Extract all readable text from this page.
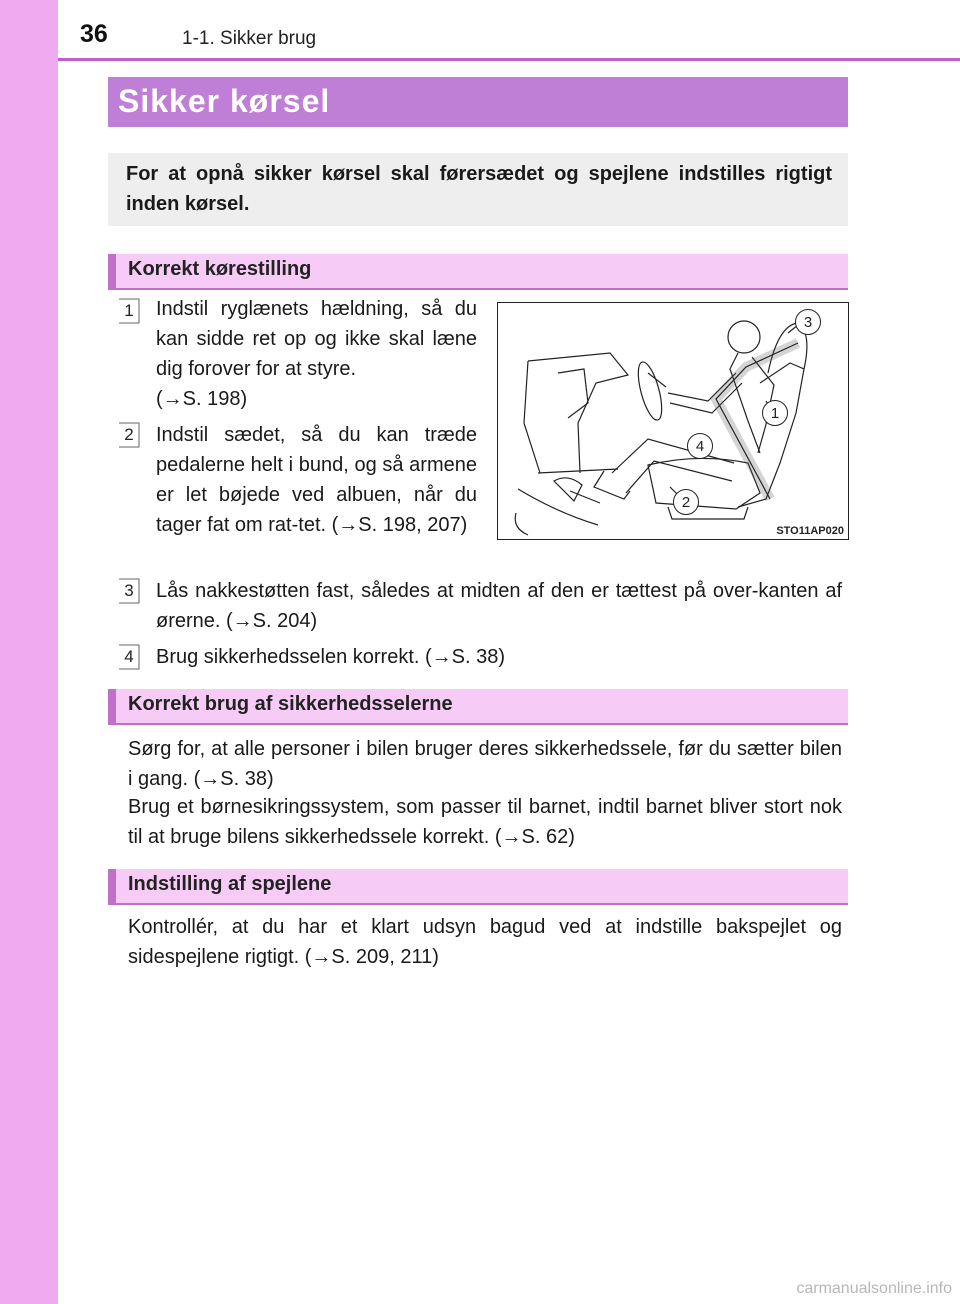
36	1-1. Sikker brug
Sikker kørsel
For at opnå sikker kørsel skal førersædet og spejlene indstilles rigtigt inden kørsel.
Korrekt kørestilling
1 Indstil ryglænets hældning, så du kan sidde ret op og ikke skal læne dig forover for at styre.
(→S. 198)
2 Indstil sædet, så du kan træde pedalerne helt i bund, og så armene er let bøjede ved albuen, når du tager fat om rat-tet. (→S. 198, 207)
3
1
4
2
STO11AP020
3 Lås nakkestøtten fast, således at midten af den er tættest på over-kanten af ørerne. (→S. 204)
4 Brug sikkerhedsselen korrekt. (→S. 38)
Korrekt brug af sikkerhedsselerne
Sørg for, at alle personer i bilen bruger deres sikkerhedssele, før du sætter bilen i gang. (→S. 38)
Brug et børnesikringssystem, som passer til barnet, indtil barnet bliver stort nok til at bruge bilens sikkerhedssele korrekt. (→S. 62)
Indstilling af spejlene
Kontrollér, at du har et klart udsyn bagud ved at indstille bakspejlet og sidespejlene rigtigt. (→S. 209, 211)
carmanualsonline.info
